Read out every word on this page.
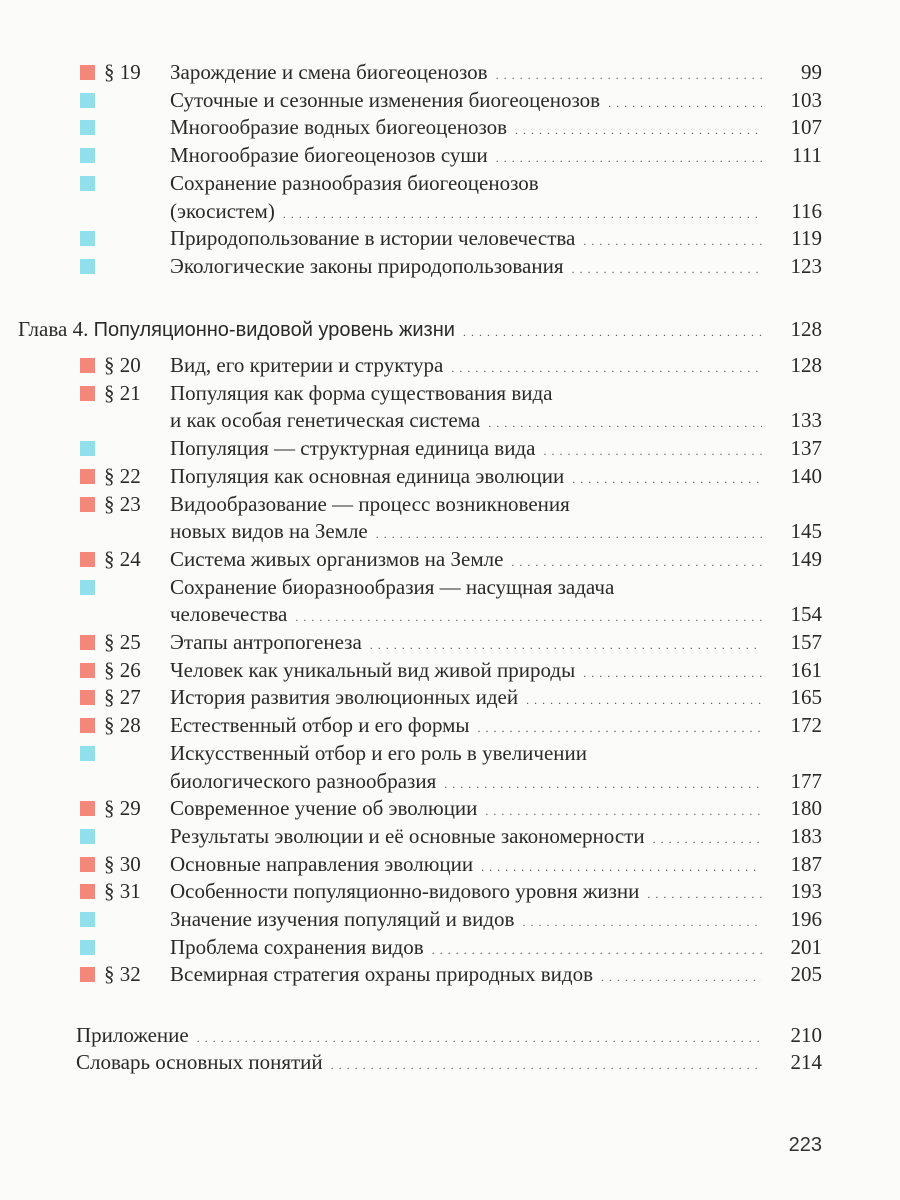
§ 19	Зарождение и смена биогеоценозов . . .	99
Суточные и сезонные изменения биогеоценозов . . .	103
Многообразие водных биогеоценозов . . .	107
Многообразие биогеоценозов суши . . .	111
Сохранение разнообразия биогеоценозов
(экосистем) . . .	116
Природопользование в истории человечества . . .	119
Экологические законы природопользования . . .	123
Глава 4. Популяционно-видовой уровень жизни . . .	128
§ 20	Вид, его критерии и структура . . .	128
§ 21	Популяция как форма существования вида
и как особая генетическая система . . .	133
Популяция — структурная единица вида . . .	137
§ 22	Популяция как основная единица эволюции . . .	140
§ 23	Видообразование — процесс возникновения
новых видов на Земле . . .	145
§ 24	Система живых организмов на Земле . . .	149
Сохранение биоразнообразия — насущная задача
человечества . . .	154
§ 25	Этапы антропогенеза . . .	157
§ 26	Человек как уникальный вид живой природы . . .	161
§ 27	История развития эволюционных идей . . .	165
§ 28	Естественный отбор и его формы . . .	172
Искусственный отбор и его роль в увеличении
биологического разнообразия . . .	177
§ 29	Современное учение об эволюции . . .	180
Результаты эволюции и её основные закономерности . . .	183
§ 30	Основные направления эволюции . . .	187
§ 31	Особенности популяционно-видового уровня жизни . . .	193
Значение изучения популяций и видов . . .	196
Проблема сохранения видов . . .	201
§ 32	Всемирная стратегия охраны природных видов . . .	205
Приложение . . .	210
Словарь основных понятий . . .	214
223
